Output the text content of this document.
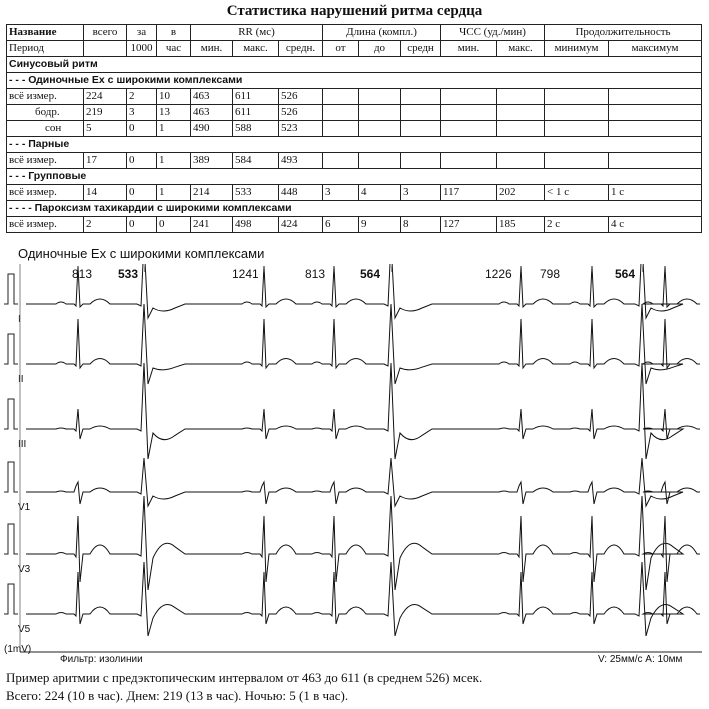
Статистика нарушений ритма сердца
Название	всего	за	в	RR (мс)			Длина (компл.)			ЧСС (уд./мин)		Продолжительность	
Период		1000	час	мин.	макс.	средн.	от	до	средн	мин.	макс.	минимум	максимум
Синусовый ритм													
- - - Одиночные Ех с широкими комплексами													
всё измер.	224	2	10	463	611	526							
бодр.	219	3	13	463	611	526							
сон	5	0	1	490	588	523							
- - - Парные													
всё измер.	17	0	1	389	584	493							
- - - Групповые													
всё измер.	14	0	1	214	533	448	3	4	3	117	202	< 1 с	1 с
- - - - Пароксизм тахикардии с широкими комплексами													
всё измер.	2	0	0	241	498	424	6	9	8	127	185	2 с	4 с
Одиночные Ех с широкими комплексами
I
II
III
V1
V3
V5
813 533	1241	813	564	1226 798	564
(1mV)
Фильтр: изолинии	V: 25мм/с А: 10мм
Пример аритмии с предэктопическим интервалом от 463 до 611 (в среднем 526) мсек.
Всего: 224 (10 в час). Днем: 219 (13 в час). Ночью: 5 (1 в час).
